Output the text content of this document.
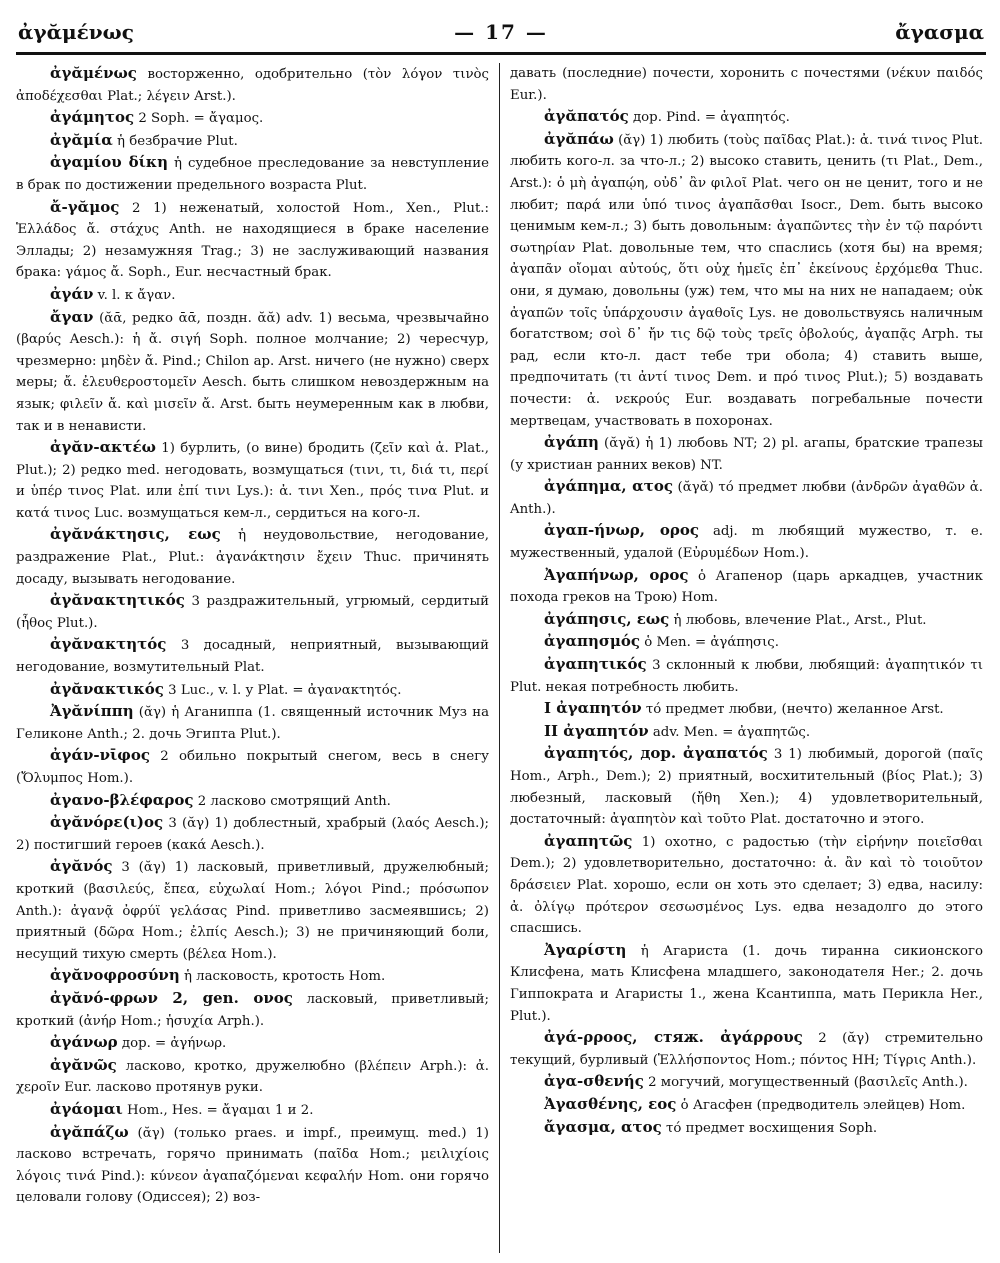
ἀγᾰμένως	— 17 —	ἄγασμα

ἀγᾰμένως восторженно, одобрительно (τὸν λόγον τινὸς ἀποδέχεσθαι Plat.; λέγειν Arst.).

ἀγάμητος 2 Soph. = ἄγαμος.

ἀγᾰμία ἡ безбрачие Plut.

ἀγαμίου δίκη ἡ судебное преследование за невступление в брак по достижении предельного возраста Plut.

ἄ-γᾰμος 2 1) неженатый, холостой Hom., Xen., Plut.: Ἑλλάδος ἄ. στάχυς Anth. не находящиеся в браке население Эллады; 2) незамужняя Trag.; 3) не заслуживающий названия брака: γάμος ἄ. Soph., Eur. несчастный брак.

ἀγάν v. l. к ἄγαν.

ἄγαν (ᾰᾱ, редко ᾱᾱ, поздн. ᾰᾰ) adv. 1) весьма, чрезвычайно (βαρύς Aesch.): ἡ ἄ. σιγή Soph. полное молчание; 2) чересчур, чрезмерно: μηδὲν ἄ. Pind.; Chilon ap. Arst. ничего (не нужно) сверх меры; ἄ. ἐλευθεροστομεῖν Aesch. быть слишком невоздержным на язык; φιλεῖν ἄ. καὶ μισεῖν ἄ. Arst. быть неумеренным как в любви, так и в ненависти.

ἀγᾰν-ακτέω 1) бурлить, (о вине) бродить (ζεῖν καὶ ἀ. Plat., Plut.); 2) редко med. негодовать, возмущаться (τινι, τι, διά τι, περί и ὑπέρ τινος Plat. или ἐπί τινι Lys.): ἀ. τινι Xen., πρός τινα Plut. и κατά τινος Luc. возмущаться кем-л., сердиться на кого-л.

ἀγᾰνάκτησις, εως ἡ неудовольствие, негодование, раздражение Plat., Plut.: ἀγανάκτησιν ἔχειν Thuc. причинять досаду, вызывать негодование.

ἀγᾰνακτητικός 3 раздражительный, угрюмый, сердитый (ἦθος Plut.).

ἀγᾰνακτητός 3 досадный, неприятный, вызывающий негодование, возмутительный Plat.

ἀγᾰνακτικός 3 Luc., v. l. у Plat. = ἀγανακτητός.

Ἀγᾰνίππη (ᾰγ) ἡ Аганиппа (1. священный источник Муз на Геликоне Anth.; 2. дочь Эгипта Plut.).

ἀγάν-νῑφος 2 обильно покрытый снегом, весь в снегу (Ὄλυμπος Hom.).

ἀγανο-βλέφαρος 2 ласково смотрящий Anth.

ἀγᾰνόρε(ι)ος 3 (ᾰγ) 1) доблестный, храбрый (λαός Aesch.); 2) постигший героев (κακά Aesch.).

ἀγᾰνός 3 (ᾰγ) 1) ласковый, приветливый, дружелюбный; кроткий (βασιλεύς, ἔπεα, εὐχωλαί Hom.; λόγοι Pind.; πρόσωπον Anth.): ἀγανᾷ ὀφρύϊ γελάσας Pind. приветливо засмеявшись; 2) приятный (δῶρα Hom.; ἐλπίς Aesch.); 3) не причиняющий боли, несущий тихую смерть (βέλεα Hom.).

ἀγᾰνοφροσύνη ἡ ласковость, кротость Hom.

ἀγᾰνό-φρων 2, gen. ονος ласковый, приветливый; кроткий (ἀνήρ Hom.; ἡσυχία Arph.).

ἀγάνωρ дор. = ἀγήνωρ.

ἀγᾰνῶς ласково, кротко, дружелюбно (βλέπειν Arph.): ἀ. χεροῖν Eur. ласково протянув руки.

ἀγάομαι Hom., Hes. = ἄγαμαι 1 и 2.

ἀγᾰπάζω (ᾰγ) (только praes. и impf., преимущ. med.) 1) ласково встречать, горячо принимать (παῖδα Hom.; μειλιχίοις λόγοις τινά Pind.): κύνεον ἀγαπαζόμεναι κεφαλήν Hom. они горячо целовали голову (Одиссея); 2) воз-

давать (последние) почести, хоронить с почестями (νέκυν παιδός Eur.).

ἀγᾰπατός дор. Pind. = ἀγαπητός.

ἀγᾰπάω (ᾰγ) 1) любить (τοὺς παῖδας Plat.): ἀ. τινά τινος Plut. любить кого-л. за что-л.; 2) высоко ставить, ценить (τι Plat., Dem., Arst.): ὁ μὴ ἀγαπῴη, οὐδ᾽ ἂν φιλοῖ Plat. чего он не ценит, того и не любит; παρά или ὑπό τινος ἀγαπᾶσθαι Isocr., Dem. быть высоко ценимым кем-л.; 3) быть довольным: ἀγαπῶντες τὴν ἐν τῷ παρόντι σωτηρίαν Plat. довольные тем, что спаслись (хотя бы) на время; ἀγαπᾶν οἴομαι αὐτούς, ὅτι οὐχ ἡμεῖς ἐπ᾽ ἐκείνους ἐρχόμεθα Thuc. они, я думаю, довольны (уж) тем, что мы на них не нападаем; οὐκ ἀγαπῶν τοῖς ὑπάρχουσιν ἀγαθοῖς Lys. не довольствуясь наличным богатством; σοὶ δ᾽ ἤν τις δῷ τοὺς τρεῖς ὀβολούς, ἀγαπᾷς Arph. ты рад, если кто-л. даст тебе три обола; 4) ставить выше, предпочитать (τι ἀντί τινος Dem. и πρό τινος Plut.); 5) воздавать почести: ἀ. νεκρούς Eur. воздавать погребальные почести мертвецам, участвовать в похоронах.

ἀγάπη (ᾰγᾰ) ἡ 1) любовь NT; 2) pl. агапы, братские трапезы (у христиан ранних веков) NT.

ἀγάπημα, ατος (ᾰγᾰ) τό предмет любви (ἀνδρῶν ἀγαθῶν ἀ. Anth.).

ἀγαπ-ήνωρ, ορος adj. m любящий мужество, т. е. мужественный, удалой (Εὐρυμέδων Hom.).

Ἀγαπήνωρ, ορος ὁ Агапенор (царь аркадцев, участник похода греков на Трою) Hom.

ἀγάπησις, εως ἡ любовь, влечение Plat., Arst., Plut.

ἀγαπησμός ὁ Men. = ἀγάπησις.

ἀγαπητικός 3 склонный к любви, любящий: ἀγαπητικόν τι Plut. некая потребность любить.

I ἀγαπητόν τό предмет любви, (нечто) желанное Arst.

II ἀγαπητόν adv. Men. = ἀγαπητῶς.

ἀγαπητός, дор. ἀγαπατός 3 1) любимый, дорогой (παῖς Hom., Arph., Dem.); 2) приятный, восхитительный (βίος Plat.); 3) любезный, ласковый (ἤθη Xen.); 4) удовлетворительный, достаточный: ἀγαπητὸν καὶ τοῦτο Plat. достаточно и этого.

ἀγαπητῶς 1) охотно, с радостью (τὴν εἰρήνην ποιεῖσθαι Dem.); 2) удовлетворительно, достаточно: ἀ. ἂν καὶ τὸ τοιοῦτον δράσειεν Plat. хорошо, если он хоть это сделает; 3) едва, насилу: ἀ. ὀλίγῳ πρότερον σεσωσμένος Lys. едва незадолго до этого спасшись.

Ἀγαρίστη ἡ Агариста (1. дочь тиранна сикионского Клисфена, мать Клисфена младшего, законодателя Her.; 2. дочь Гиппократа и Агаристы 1., жена Ксантиппа, мать Перикла Her., Plut.).

ἀγά-ρροος, стяж. ἀγάρρους 2 (ᾰγ) стремительно текущий, бурливый (Ἑλλήσποντος Hom.; πόντος HH; Τίγρις Anth.).

ἀγα-σθενής 2 могучий, могущественный (βασιλεῖς Anth.).

Ἀγασθένης, εος ὁ Агасфен (предводитель элейцев) Hom.

ἄγασμα, ατος τό предмет восхищения Soph.
